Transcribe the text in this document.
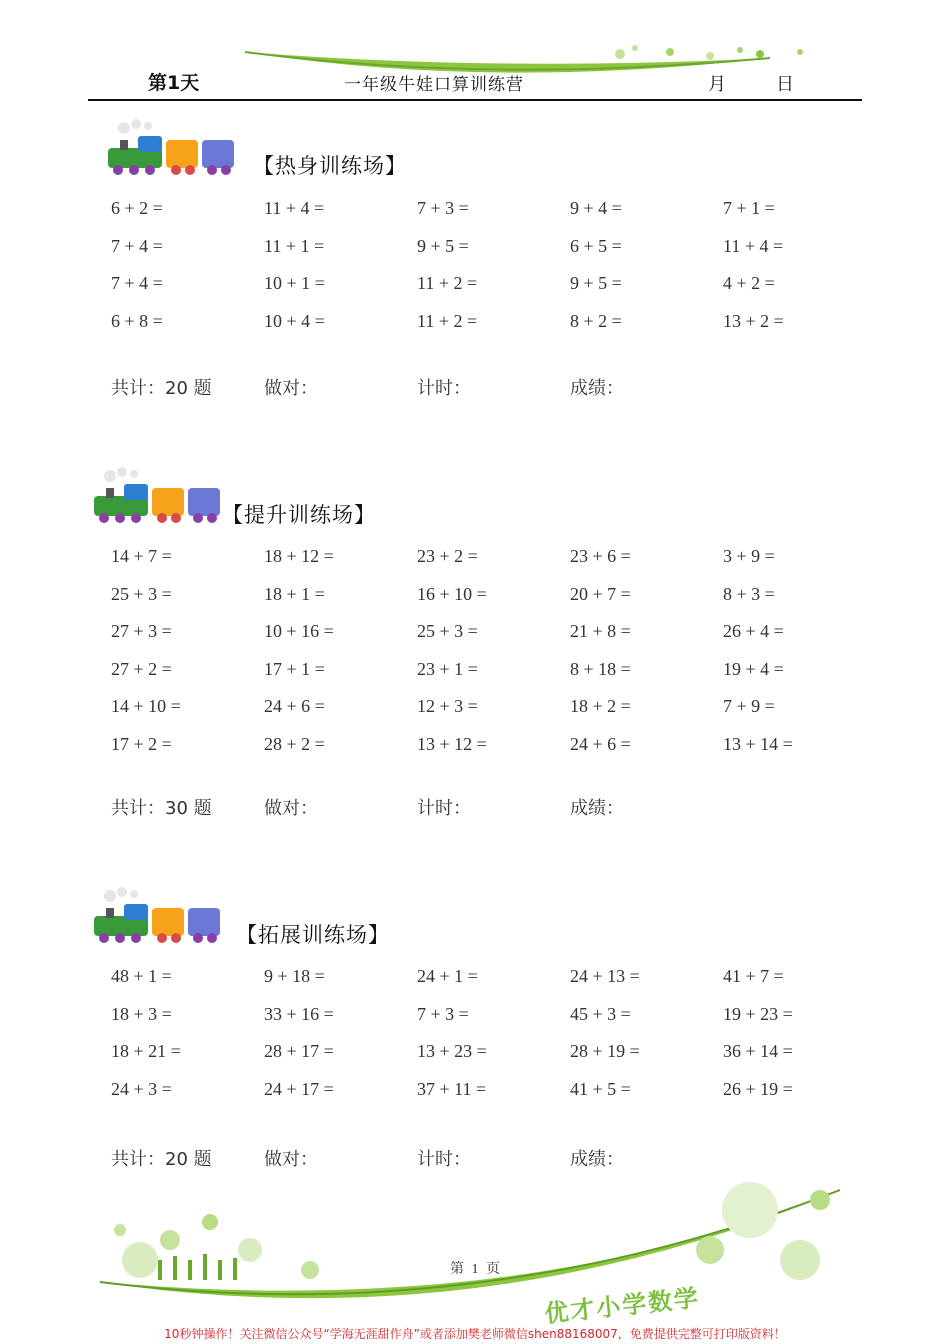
第1天	一年级牛娃口算训练营	月	日
【热身训练场】
6 + 2 =	11 + 4 =	7 + 3 =	9 + 4 =	7 + 1 =
7 + 4 =	11 + 1 =	9 + 5 =	6 + 5 =	11 + 4 =
7 + 4 =	10 + 1 =	11 + 2 =	9 + 5 =	4 + 2 =
6 + 8 =	10 + 4 =	11 + 2 =	8 + 2 =	13 + 2 =
共计：20 题	做对：	计时：	成绩：
【提升训练场】
14 + 7 =	18 + 12 =	23 + 2 =	23 + 6 =	3 + 9 =
25 + 3 =	18 + 1 =	16 + 10 =	20 + 7 =	8 + 3 =
27 + 3 =	10 + 16 =	25 + 3 =	21 + 8 =	26 + 4 =
27 + 2 =	17 + 1 =	23 + 1 =	8 + 18 =	19 + 4 =
14 + 10 =	24 + 6 =	12 + 3 =	18 + 2 =	7 + 9 =
17 + 2 =	28 + 2 =	13 + 12 =	24 + 6 =	13 + 14 =
共计：30 题	做对：	计时：	成绩：
【拓展训练场】
48 + 1 =	9 + 18 =	24 + 1 =	24 + 13 =	41 + 7 =
18 + 3 =	33 + 16 =	7 + 3 =	45 + 3 =	19 + 23 =
18 + 21 =	28 + 17 =	13 + 23 =	28 + 19 =	36 + 14 =
24 + 3 =	24 + 17 =	37 + 11 =	41 + 5 =	26 + 19 =
共计：20 题	做对：	计时：	成绩：
第 1 页
优才小学数学
10秒钟操作！关注微信公众号“学海无涯甜作舟”或者添加樊老师微信shen88168007，免费提供完整可打印版资料！
